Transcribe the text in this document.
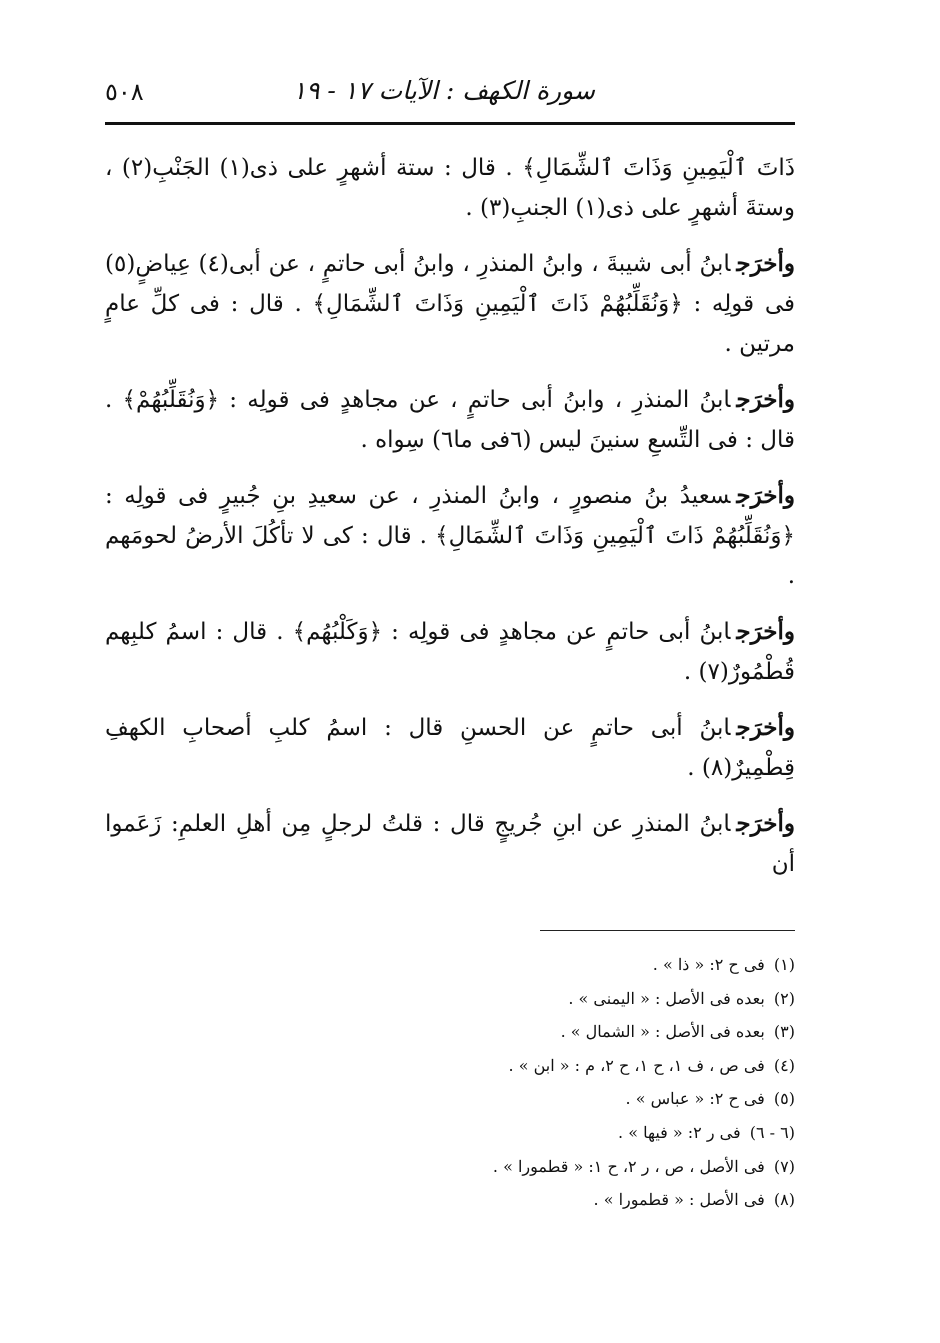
سورة الكهف : الآيات ١٧ - ١٩
٥٠٨

ذَاتَ ٱلْيَمِينِ وَذَاتَ ٱلشِّمَالِ﴾ . قال : ستة أشهرٍ على ذى(١) الجَنْبِ(٢) ، وستةَ أشهرٍ على ذى(١) الجنبِ(٣) .

وأخرَجابنُ أبى شيبةَ ، وابنُ المنذرِ ، وابنُ أبى حاتمٍ ، عن أبى(٤) عِياضٍ(٥) فى قولِه : ﴿وَنُقَلِّبُهُمْ ذَاتَ ٱلْيَمِينِ وَذَاتَ ٱلشِّمَالِ﴾ . قال : فى كلِّ عامٍ مرتين .

وأخرَجابنُ المنذرِ ، وابنُ أبى حاتمٍ ، عن مجاهدٍ فى قولِه : ﴿وَنُقَلِّبُهُمْ﴾ . قال : فى التِّسعِ سنينَ ليس (٦فى ما٦) سِواه .

وأخرَجسعيدُ بنُ منصورٍ ، وابنُ المنذرِ ، عن سعيدِ بنِ جُبيرٍ فى قولِه : ﴿وَنُقَلِّبُهُمْ ذَاتَ ٱلْيَمِينِ وَذَاتَ ٱلشِّمَالِ﴾ . قال : كى لا تأكُلَ الأرضُ لحومَهم .

وأخرَجابنُ أبى حاتمٍ عن مجاهدٍ فى قولِه : ﴿وَكَلْبُهُم﴾ . قال : اسمُ كلبِهم قُطْمُورٌ(٧) .

وأخرَجابنُ أبى حاتمٍ عن الحسنِ قال : اسمُ كلبِ أصحابِ الكهفِ قِطْمِيرٌ(٨) .

وأخرَجابنُ المنذرِ عن ابنِ جُريجٍ قال : قلتُ لرجلٍ مِن أهلِ العلمِ: زَعَموا أن

(١) فى ح ٢: « ذا » .
(٢) بعده فى الأصل : « اليمنى » .
(٣) بعده فى الأصل : « الشمال » .
(٤) فى ص ، ف ١، ح ١، ح ٢، م : « ابن » .
(٥) فى ح ٢: « عباس » .
(٦ - ٦) فى ر ٢: « فيها » .
(٧) فى الأصل ، ص ، ر ٢، ح ١: « قطمورا » .
(٨) فى الأصل : « قطمورا » .
